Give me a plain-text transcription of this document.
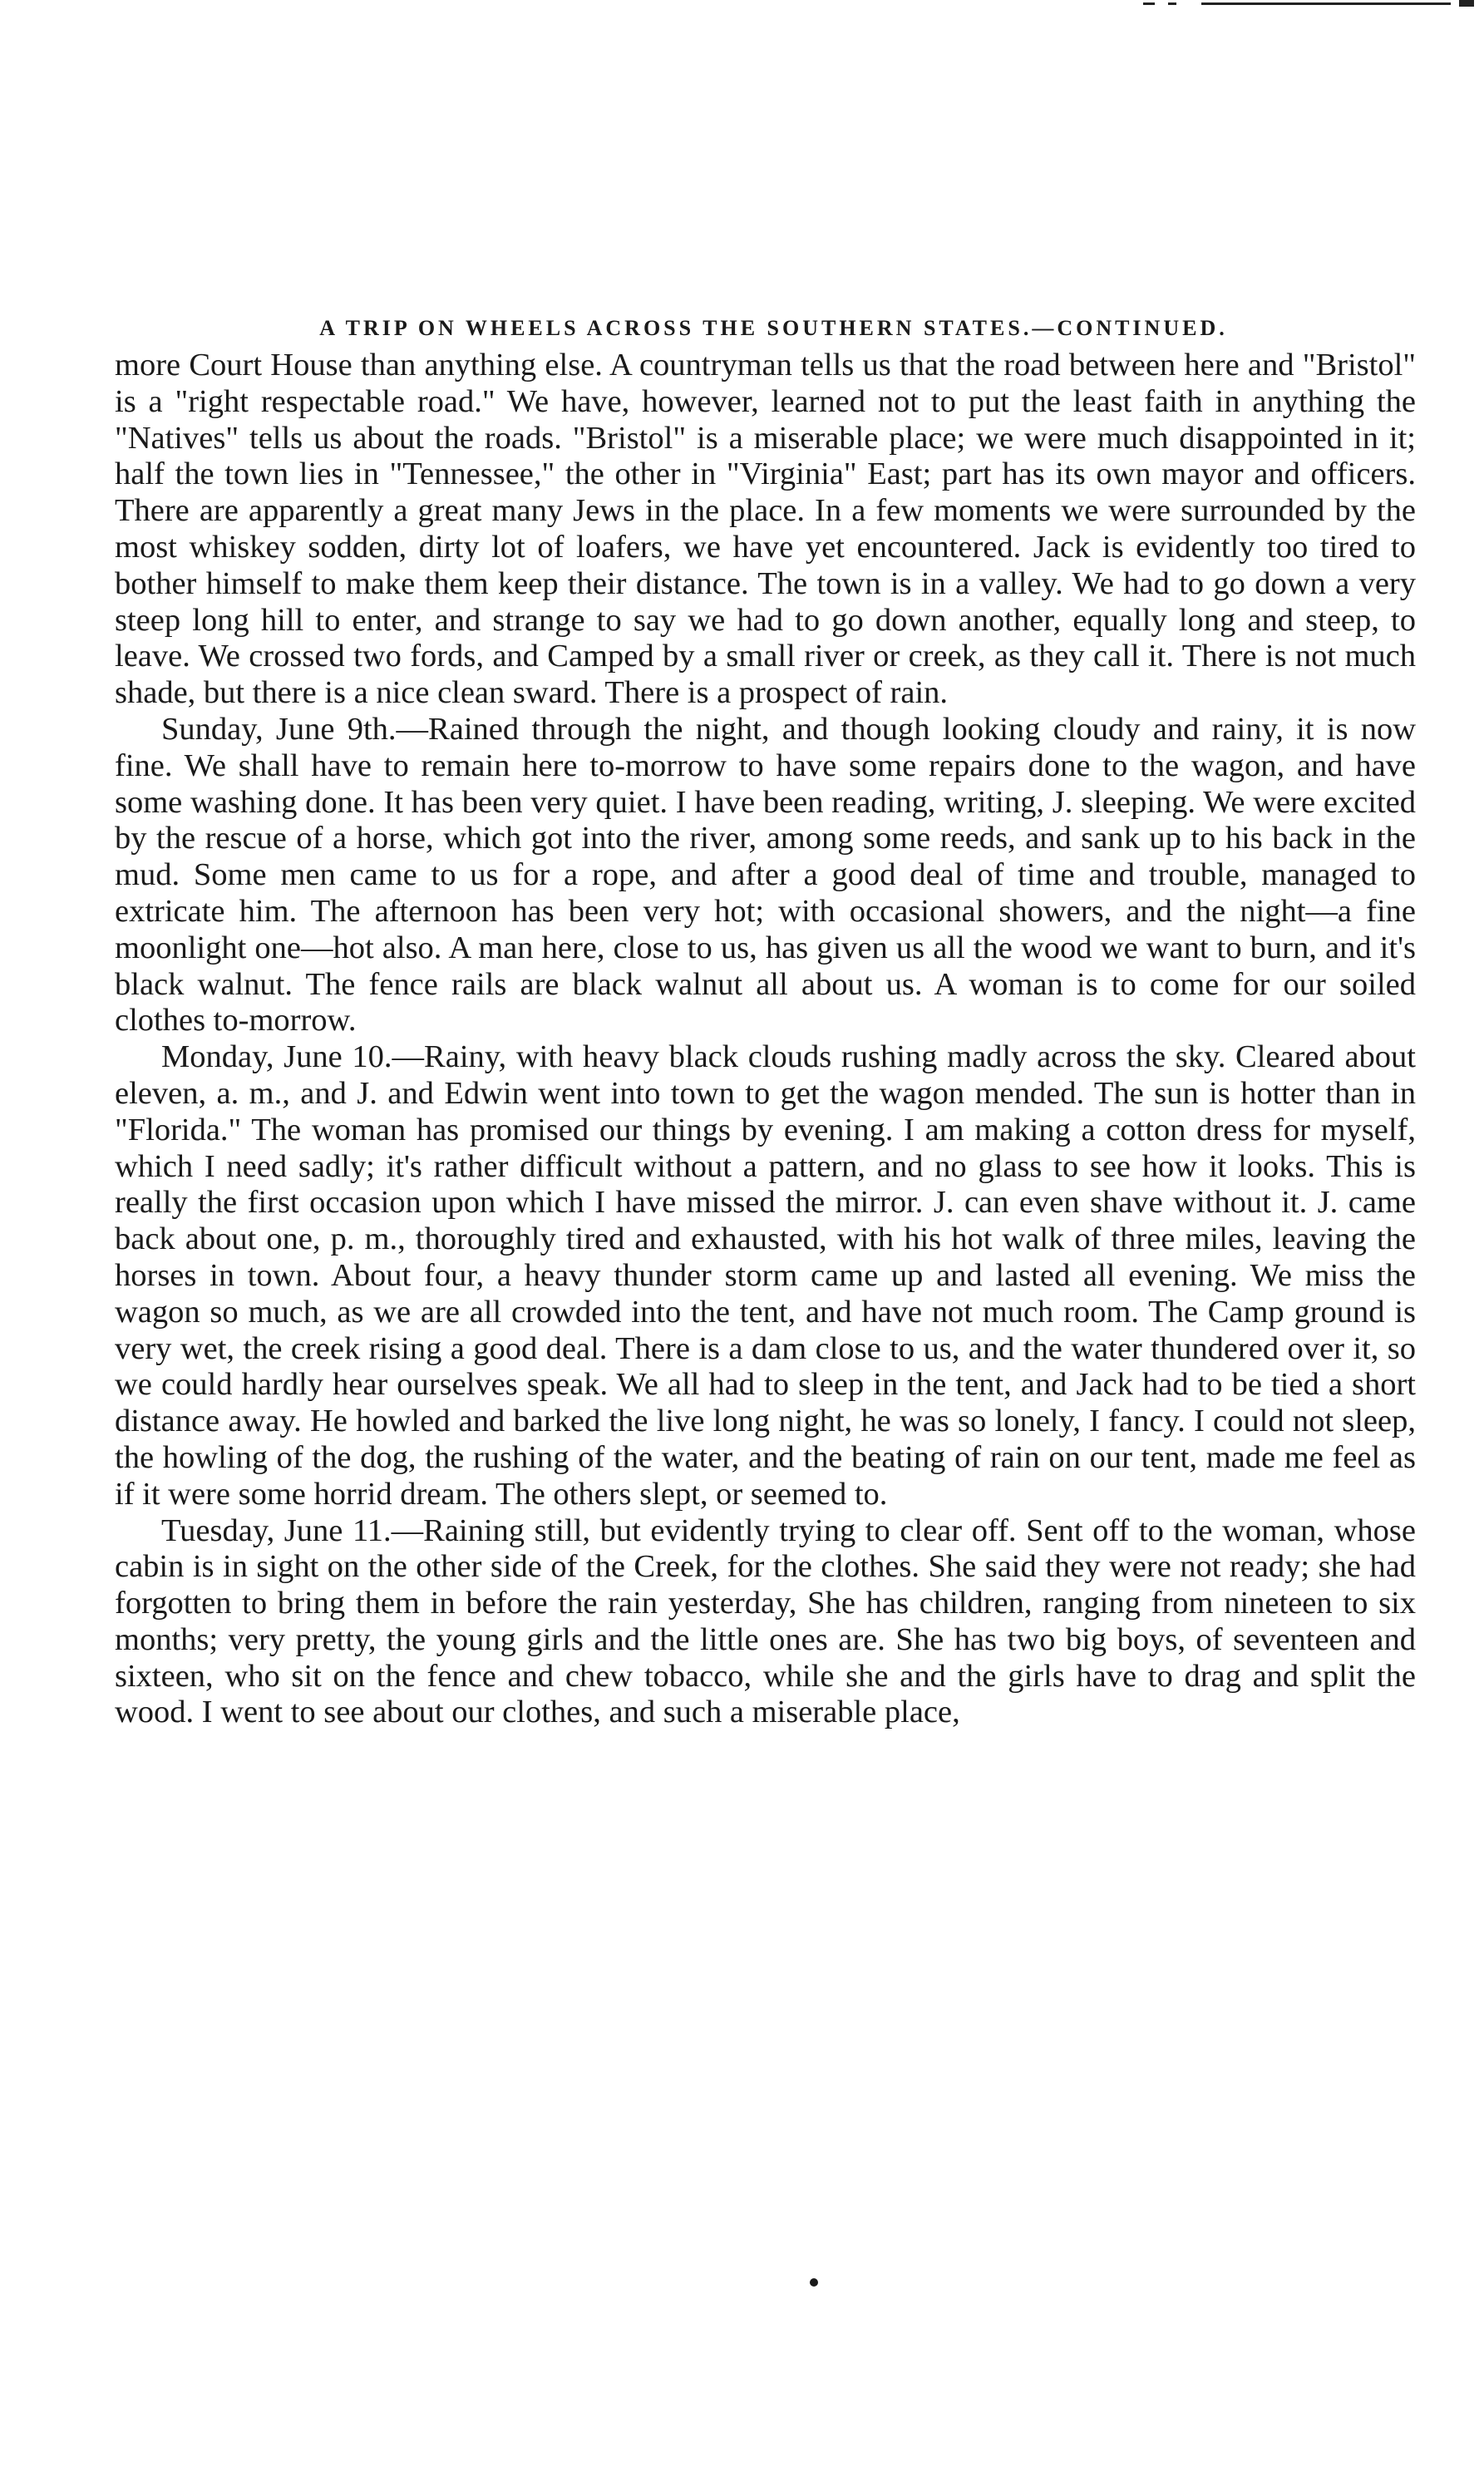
A TRIP ON WHEELS ACROSS THE SOUTHERN STATES.—CONTINUED.

more Court House than anything else. A countryman tells us that the road between here and "Bristol" is a "right respectable road." We have, however, learned not to put the least faith in anything the "Natives" tells us about the roads. "Bristol" is a miserable place; we were much disappointed in it; half the town lies in "Tennessee," the other in "Virginia" East; part has its own mayor and officers. There are apparently a great many Jews in the place. In a few moments we were surrounded by the most whiskey sodden, dirty lot of loafers, we have yet encountered. Jack is evidently too tired to bother himself to make them keep their distance. The town is in a valley. We had to go down a very steep long hill to enter, and strange to say we had to go down another, equally long and steep, to leave. We crossed two fords, and Camped by a small river or creek, as they call it. There is not much shade, but there is a nice clean sward. There is a prospect of rain.

Sunday, June 9th.—Rained through the night, and though looking cloudy and rainy, it is now fine. We shall have to remain here to-morrow to have some repairs done to the wagon, and have some washing done. It has been very quiet. I have been reading, writing, J. sleeping. We were excited by the rescue of a horse, which got into the river, among some reeds, and sank up to his back in the mud. Some men came to us for a rope, and after a good deal of time and trouble, managed to extricate him. The afternoon has been very hot; with occasional showers, and the night—a fine moonlight one—hot also. A man here, close to us, has given us all the wood we want to burn, and it's black walnut. The fence rails are black walnut all about us. A woman is to come for our soiled clothes to-morrow.

Monday, June 10.—Rainy, with heavy black clouds rushing madly across the sky. Cleared about eleven, a. m., and J. and Edwin went into town to get the wagon mended. The sun is hotter than in "Florida." The woman has promised our things by evening. I am making a cotton dress for myself, which I need sadly; it's rather difficult without a pattern, and no glass to see how it looks. This is really the first occasion upon which I have missed the mirror. J. can even shave without it. J. came back about one, p. m., thoroughly tired and exhausted, with his hot walk of three miles, leaving the horses in town. About four, a heavy thunder storm came up and lasted all evening. We miss the wagon so much, as we are all crowded into the tent, and have not much room. The Camp ground is very wet, the creek rising a good deal. There is a dam close to us, and the water thundered over it, so we could hardly hear ourselves speak. We all had to sleep in the tent, and Jack had to be tied a short distance away. He howled and barked the live long night, he was so lonely, I fancy. I could not sleep, the howling of the dog, the rushing of the water, and the beating of rain on our tent, made me feel as if it were some horrid dream. The others slept, or seemed to.

Tuesday, June 11.—Raining still, but evidently trying to clear off. Sent off to the woman, whose cabin is in sight on the other side of the Creek, for the clothes. She said they were not ready; she had forgotten to bring them in before the rain yesterday, She has children, ranging from nineteen to six months; very pretty, the young girls and the little ones are. She has two big boys, of seventeen and sixteen, who sit on the fence and chew tobacco, while she and the girls have to drag and split the wood. I went to see about our clothes, and such a miserable place,
